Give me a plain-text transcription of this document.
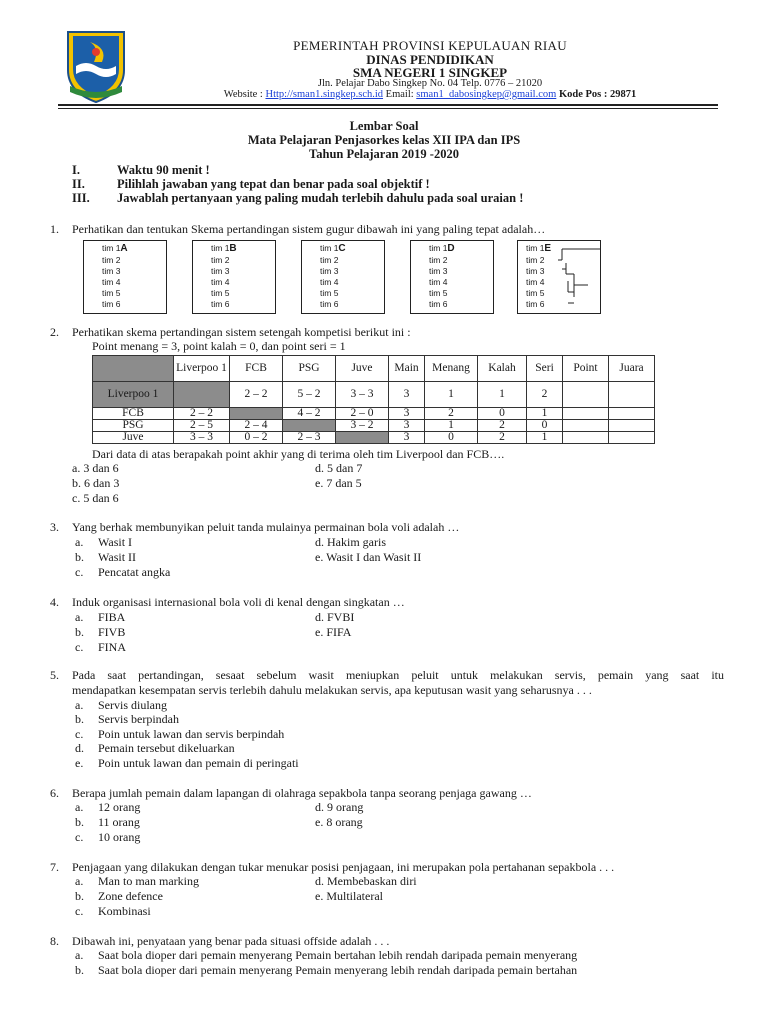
PEMERINTAH PROVINSI KEPULAUAN RIAU
DINAS PENDIDIKAN
SMA NEGERI 1 SINGKEP
Jln. Pelajar Dabo Singkep No. 04 Telp. 0776 – 21020
Website : Http://sman1.singkep.sch.id Email: sman1_dabosingkep@gmail.com Kode Pos : 29871
Lembar Soal
Mata Pelajaran Penjasorkes kelas XII IPA dan IPS
Tahun Pelajaran 2019 -2020
I.	Waktu 90 menit !
II.	Pilihlah jawaban yang tepat dan benar pada soal objektif !
III. Jawablah pertanyaan yang paling mudah terlebih dahulu pada soal uraian !
1. Perhatikan dan tentukan Skema pertandingan sistem gugur dibawah ini yang paling tepat adalah…
tim 1A
tim 2
tim 3
tim 4
tim 5
tim 6
tim 1B
tim 2
tim 3
tim 4
tim 5
tim 6
tim 1C
tim 2
tim 3
tim 4
tim 5
tim 6
tim 1D
tim 2
tim 3
tim 4
tim 5
tim 6
tim 1E
tim 2
tim 3
tim 4
tim 5
tim 6
2. Perhatikan skema pertandingan sistem setengah kompetisi berikut ini :
Point menang = 3, point kalah = 0, dan point seri = 1
	Liverpoo 1	FCB	PSG	Juve	Main	Menang	Kalah	Seri	Point	Juara
Liverpoo 1		2 – 2	5 – 2	3 – 3	3	1	1	2		
FCB	2 – 2		4 – 2	2 – 0	3	2	0	1		
PSG	2 – 5	2 – 4		3 – 2	3	1	2	0		
Juve	3 – 3	0 – 2	2 – 3		3	0	2	1		
Dari data di atas berapakah point akhir yang di terima oleh tim Liverpool dan FCB….
a. 3 dan 6
b. 6 dan 3
c. 5 dan 6
d. 5 dan 7
e. 7 dan 5
3. Yang berhak membunyikan peluit tanda mulainya permainan bola voli adalah …
a. Wasit I
b. Wasit II
c. Pencatat angka
d. Hakim garis
e. Wasit I dan Wasit II
4. Induk organisasi internasional bola voli di kenal dengan singkatan …
a. FIBA
b. FIVB
c. FINA
d. FVBI
e. FIFA
5. Pada saat pertandingan, sesaat sebelum wasit meniupkan peluit untuk melakukan servis, pemain yang saat itu
mendapatkan kesempatan servis terlebih dahulu melakukan servis, apa keputusan wasit yang seharusnya . . .
a. Servis diulang
b. Servis berpindah
c. Poin untuk lawan dan servis berpindah
d. Pemain tersebut dikeluarkan
e. Poin untuk lawan dan pemain di peringati
6. Berapa jumlah pemain dalam lapangan di olahraga sepakbola tanpa seorang penjaga gawang …
a. 12 orang
b. 11 orang
c. 10 orang
d. 9 orang
e. 8 orang
7. Penjagaan yang dilakukan dengan tukar menukar posisi penjagaan, ini merupakan pola pertahanan sepakbola . . .
a. Man to man marking
b. Zone defence
c. Kombinasi
d. Membebaskan diri
e. Multilateral
8. Dibawah ini, penyataan yang benar pada situasi offside adalah . . .
a. Saat bola dioper dari pemain menyerang Pemain bertahan lebih rendah daripada pemain menyerang
b. Saat bola dioper dari pemain menyerang Pemain menyerang lebih rendah daripada pemain bertahan
